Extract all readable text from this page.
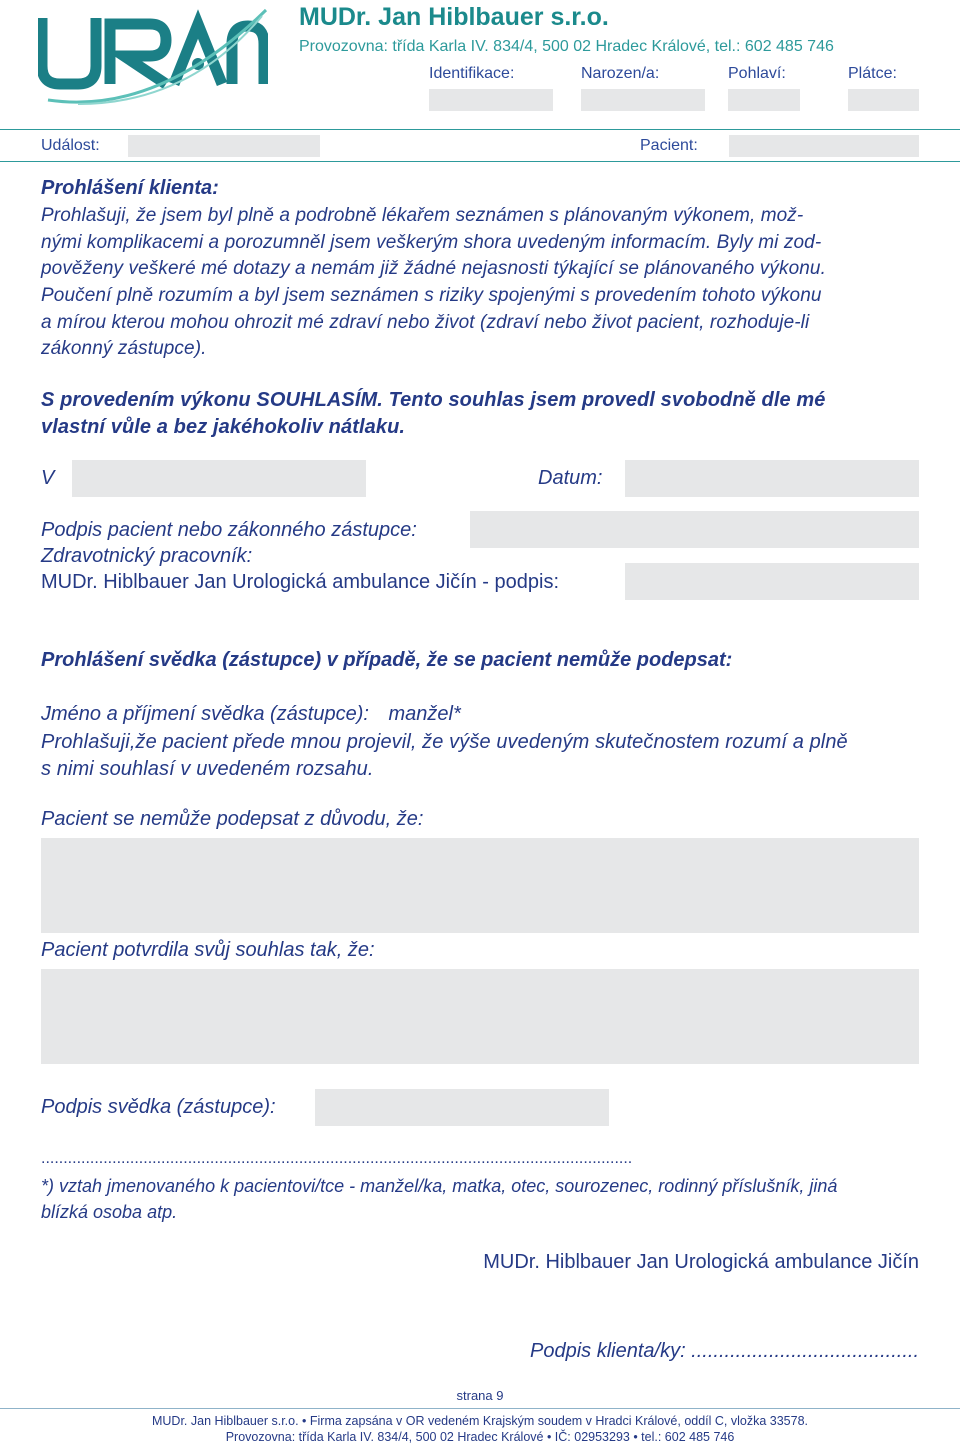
MUDr. Jan Hiblbauer s.r.o.
Provozovna: třída Karla IV. 834/4, 500 02 Hradec Králové, tel.: 602 485 746
Identifikace:	Narozen/a:	Pohlaví:	Plátce:
Událost:	Pacient:
Prohlášení klienta:
Prohlašuji, že jsem byl plně a podrobně lékařem seznámen s plánovaným výkonem, mož-
nými komplikacemi a porozumněl jsem veškerým shora uvedeným informacím. Byly mi zod-
pověženy veškeré mé dotazy a nemám již žádné nejasnosti týkající se plánovaného výkonu.
Poučení plně rozumím a byl jsem seznámen s riziky spojenými s provedením tohoto výkonu
a mírou kterou mohou ohrozit mé zdraví nebo život (zdraví nebo život pacient, rozhoduje-li
zákonný zástupce).
S provedením výkonu SOUHLASÍM. Tento souhlas jsem provedl svobodně dle mé
vlastní vůle a bez jakéhokoliv nátlaku.
V	Datum:
Podpis pacient nebo zákonného zástupce:
Zdravotnický pracovník:
MUDr. Hiblbauer Jan Urologická ambulance Jičín - podpis:
Prohlášení svědka (zástupce) v případě, že se pacient nemůže podepsat:
Jméno a příjmení svědka (zástupce): manžel*
Prohlašuji,že pacient přede mnou projevil, že výše uvedeným skutečnostem rozumí a plně
s nimi souhlasí v uvedeném rozsahu.
Pacient se nemůže podepsat z důvodu, že:
Pacient potvrdila svůj souhlas tak, že:
Podpis svědka (zástupce):
.....................................................................................................................................
*) vztah jmenovaného k pacientovi/tce - manžel/ka, matka, otec, sourozenec, rodinný příslušník, jiná
blízká osoba atp.
MUDr. Hiblbauer Jan Urologická ambulance Jičín
Podpis klienta/ky: .........................................
strana 9
MUDr. Jan Hiblbauer s.r.o. • Firma zapsána v OR vedeném Krajským soudem v Hradci Králové, oddíl C, vložka 33578.
Provozovna: třída Karla IV. 834/4, 500 02 Hradec Králové • IČ: 02953293 • tel.: 602 485 746
